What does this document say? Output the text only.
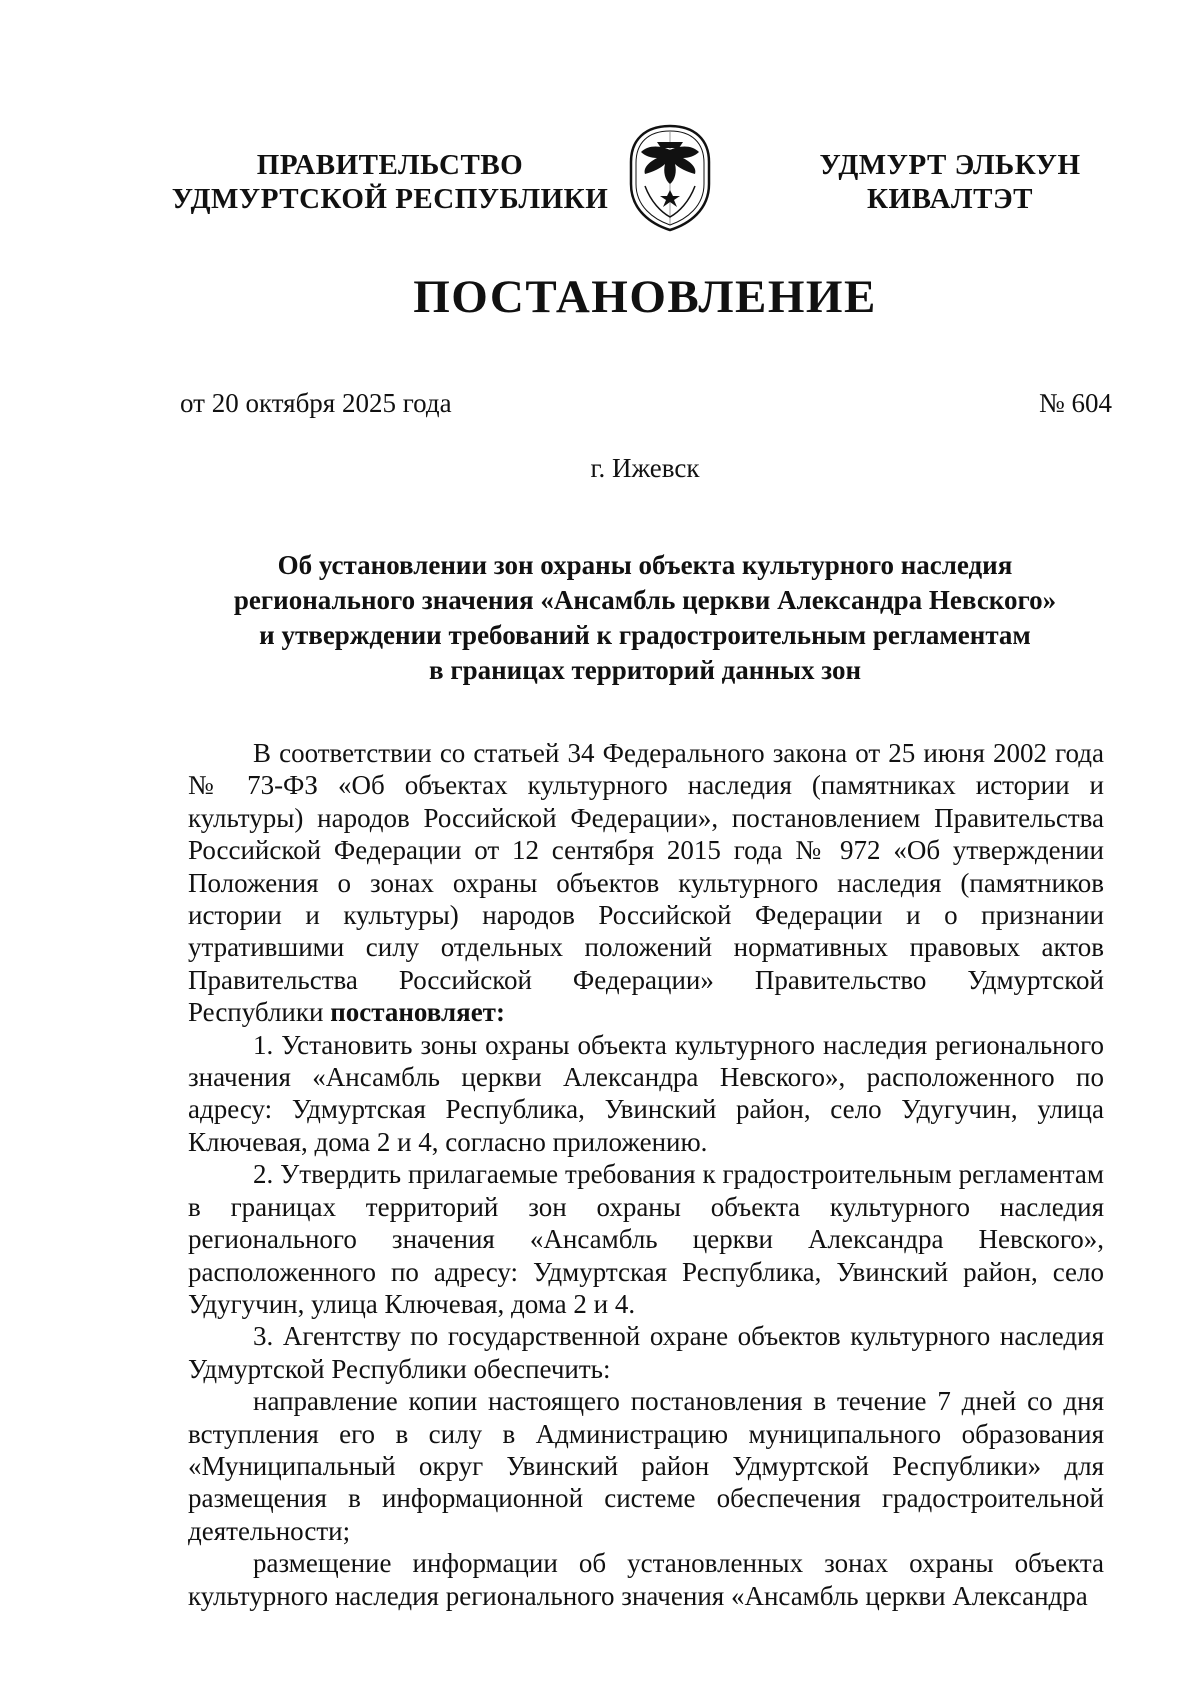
ПРАВИТЕЛЬСТВО
УДМУРТСКОЙ РЕСПУБЛИКИ
УДМУРТ ЭЛЬКУН
КИВАЛТЭТ
ПОСТАНОВЛЕНИЕ
от 20 октября 2025 года	№ 604
г. Ижевск
Об установлении зон охраны объекта культурного наследия
регионального значения «Ансамбль церкви Александра Невского»
и утверждении требований к градостроительным регламентам
в границах территорий данных зон

В соответствии со статьей 34 Федерального закона от 25 июня 2002 года № 73-ФЗ «Об объектах культурного наследия (памятниках истории и культуры) народов Российской Федерации», постановлением Правительства Российской Федерации от 12 сентября 2015 года № 972 «Об утверждении Положения о зонах охраны объектов культурного наследия (памятников истории и культуры) народов Российской Федерации и о признании утратившими силу отдельных положений нормативных правовых актов Правительства Российской Федерации» Правительство Удмуртской Республики постановляет:

1. Установить зоны охраны объекта культурного наследия регионального значения «Ансамбль церкви Александра Невского», расположенного по адресу: Удмуртская Республика, Увинский район, село Удугучин, улица Ключевая, дома 2 и 4, согласно приложению.

2. Утвердить прилагаемые требования к градостроительным регламентам в границах территорий зон охраны объекта культурного наследия регионального значения «Ансамбль церкви Александра Невского», расположенного по адресу: Удмуртская Республика, Увинский район, село Удугучин, улица Ключевая, дома 2 и 4.

3. Агентству по государственной охране объектов культурного наследия Удмуртской Республики обеспечить:

направление копии настоящего постановления в течение 7 дней со дня вступления его в силу в Администрацию муниципального образования «Муниципальный округ Увинский район Удмуртской Республики» для размещения в информационной системе обеспечения градостроительной деятельности;

размещение информации об установленных зонах охраны объекта культурного наследия регионального значения «Ансамбль церкви Александра
